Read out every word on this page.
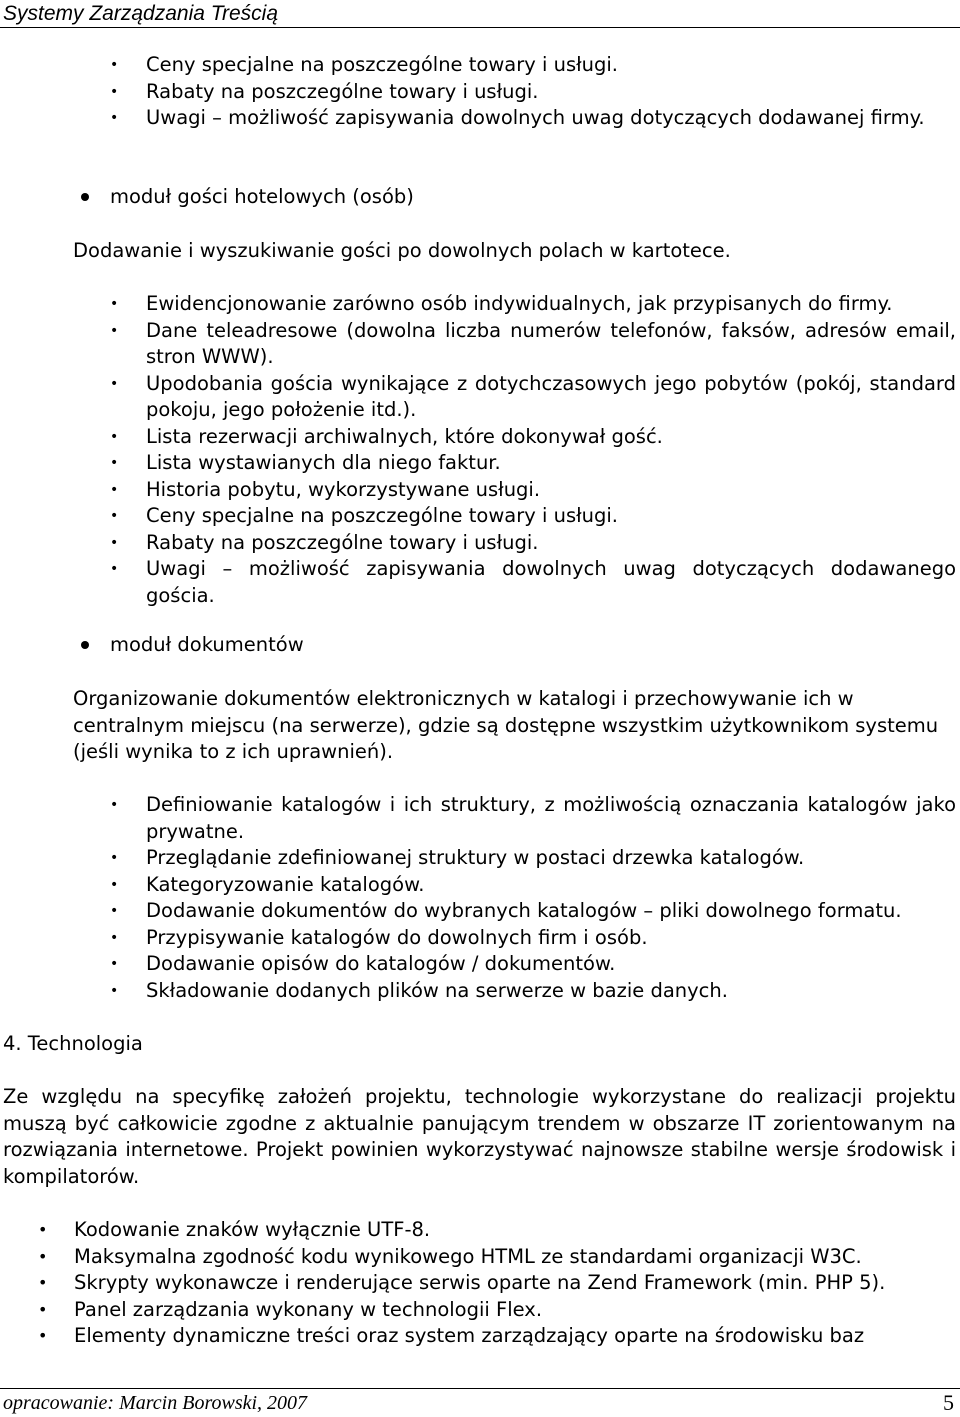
Systemy Zarządzania Treścią
• Ceny specjalne na poszczególne towary i usługi.
• Rabaty na poszczególne towary i usługi.
• Uwagi – możliwość zapisywania dowolnych uwag dotyczących dodawanej firmy.
moduł gości hotelowych (osób)
Dodawanie i wyszukiwanie gości po dowolnych polach w kartotece.
• Ewidencjonowanie zarówno osób indywidualnych, jak przypisanych do firmy.
• Dane teleadresowe (dowolna liczba numerów telefonów, faksów, adresów email, stron WWW).
• Upodobania gościa wynikające z dotychczasowych jego pobytów (pokój, standard pokoju, jego położenie itd.).
• Lista rezerwacji archiwalnych, które dokonywał gość.
• Lista wystawianych dla niego faktur.
• Historia pobytu, wykorzystywane usługi.
• Ceny specjalne na poszczególne towary i usługi.
• Rabaty na poszczególne towary i usługi.
• Uwagi – możliwość zapisywania dowolnych uwag dotyczących dodawanego gościa.
moduł dokumentów
Organizowanie dokumentów elektronicznych w katalogi i przechowywanie ich w centralnym miejscu (na serwerze), gdzie są dostępne wszystkim użytkownikom systemu (jeśli wynika to z ich uprawnień).
• Definiowanie katalogów i ich struktury, z możliwością oznaczania katalogów jako prywatne.
• Przeglądanie zdefiniowanej struktury w postaci drzewka katalogów.
• Kategoryzowanie katalogów.
• Dodawanie dokumentów do wybranych katalogów – pliki dowolnego formatu.
• Przypisywanie katalogów do dowolnych firm i osób.
• Dodawanie opisów do katalogów / dokumentów.
• Składowanie dodanych plików na serwerze w bazie danych.
4. Technologia
Ze względu na specyfikę założeń projektu, technologie wykorzystane do realizacji projektu muszą być całkowicie zgodne z aktualnie panującym trendem w obszarze IT zorientowanym na rozwiązania internetowe. Projekt powinien wykorzystywać najnowsze stabilne wersje środowisk i kompilatorów.
• Kodowanie znaków wyłącznie UTF-8.
• Maksymalna zgodność kodu wynikowego HTML ze standardami organizacji W3C.
• Skrypty wykonawcze i renderujące serwis oparte na Zend Framework (min. PHP 5).
• Panel zarządzania wykonany w technologii Flex.
• Elementy dynamiczne treści oraz system zarządzający oparte na środowisku baz
opracowanie: Marcin Borowski, 2007	5
